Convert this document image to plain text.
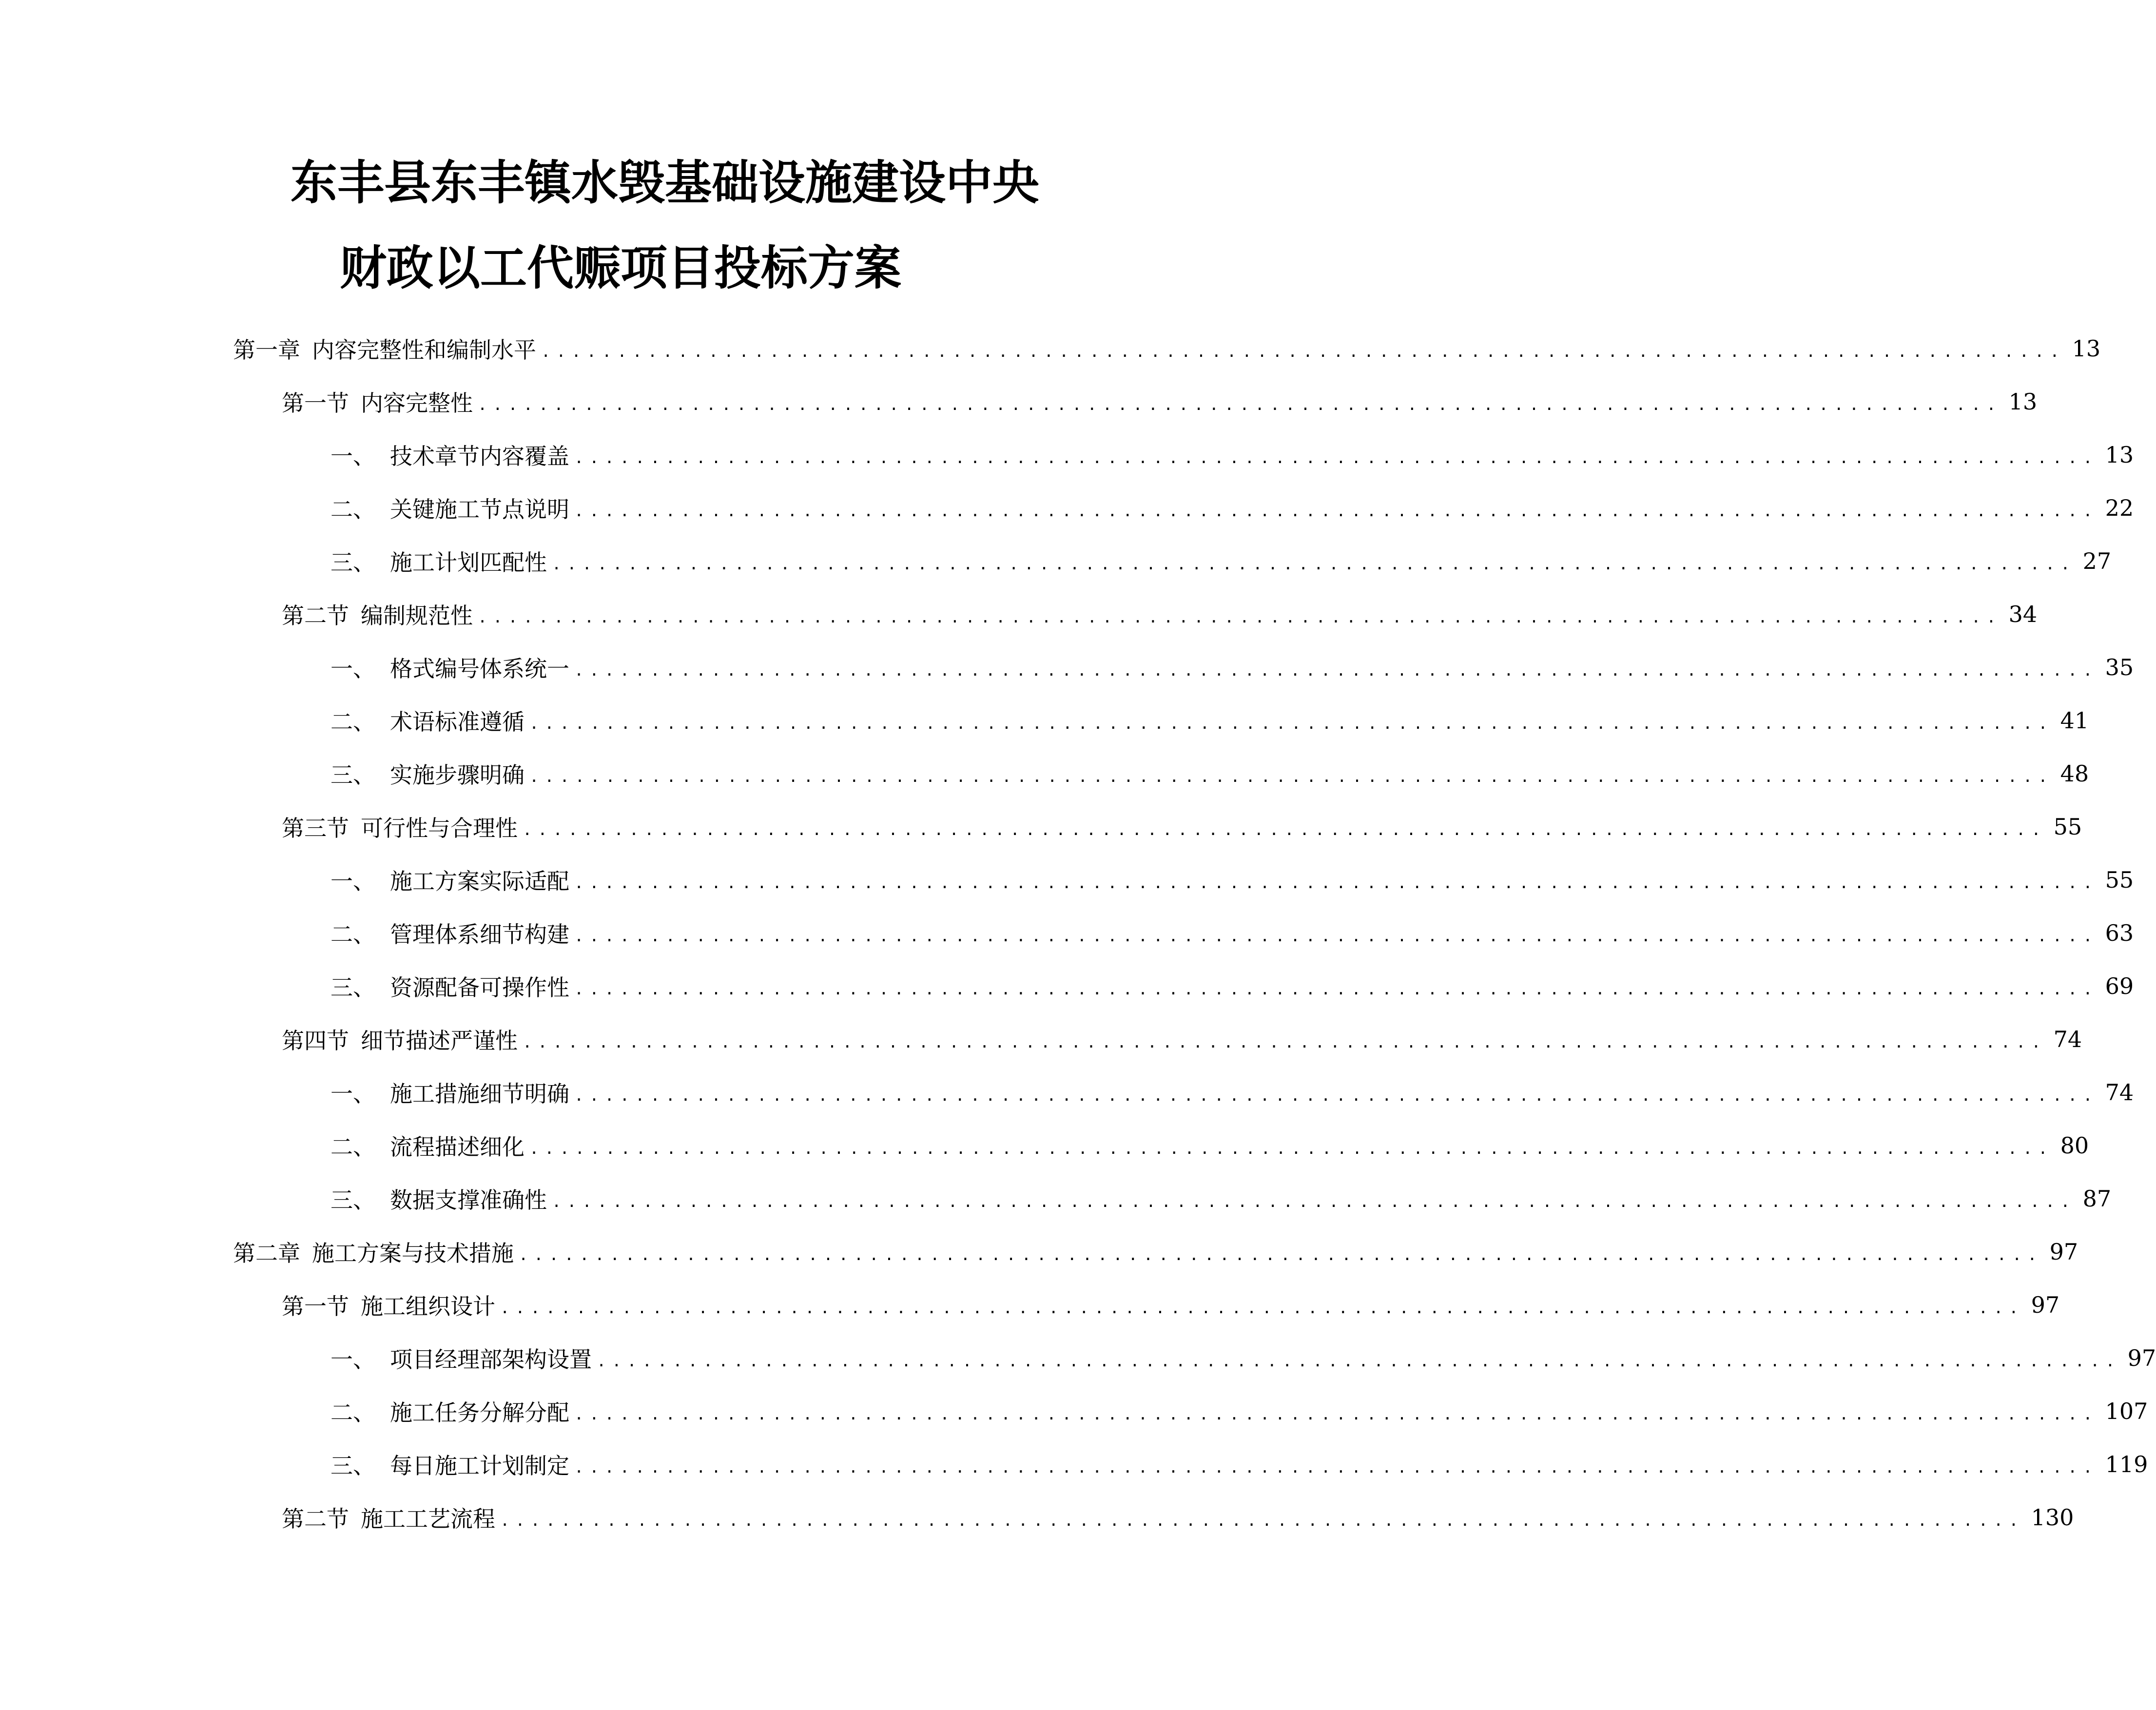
东丰县东丰镇水毁基础设施建设中央
财政以工代赈项目投标方案
第一章 内容完整性和编制水平 .................................................................................................... 13
第一节 内容完整性 .................................................................................................... 13
一、 技术章节内容覆盖 .................................................................................................... 13
二、 关键施工节点说明 .................................................................................................... 22
三、 施工计划匹配性 .................................................................................................... 27
第二节 编制规范性 .................................................................................................... 34
一、 格式编号体系统一 .................................................................................................... 35
二、 术语标准遵循 .................................................................................................... 41
三、 实施步骤明确 .................................................................................................... 48
第三节 可行性与合理性 .................................................................................................... 55
一、 施工方案实际适配 .................................................................................................... 55
二、 管理体系细节构建 .................................................................................................... 63
三、 资源配备可操作性 .................................................................................................... 69
第四节 细节描述严谨性 .................................................................................................... 74
一、 施工措施细节明确 .................................................................................................... 74
二、 流程描述细化 .................................................................................................... 80
三、 数据支撑准确性 .................................................................................................... 87
第二章 施工方案与技术措施 .................................................................................................... 97
第一节 施工组织设计 .................................................................................................... 97
一、 项目经理部架构设置 .................................................................................................... 97
二、 施工任务分解分配 .................................................................................................... 107
三、 每日施工计划制定 .................................................................................................... 119
第二节 施工工艺流程 .................................................................................................... 130
